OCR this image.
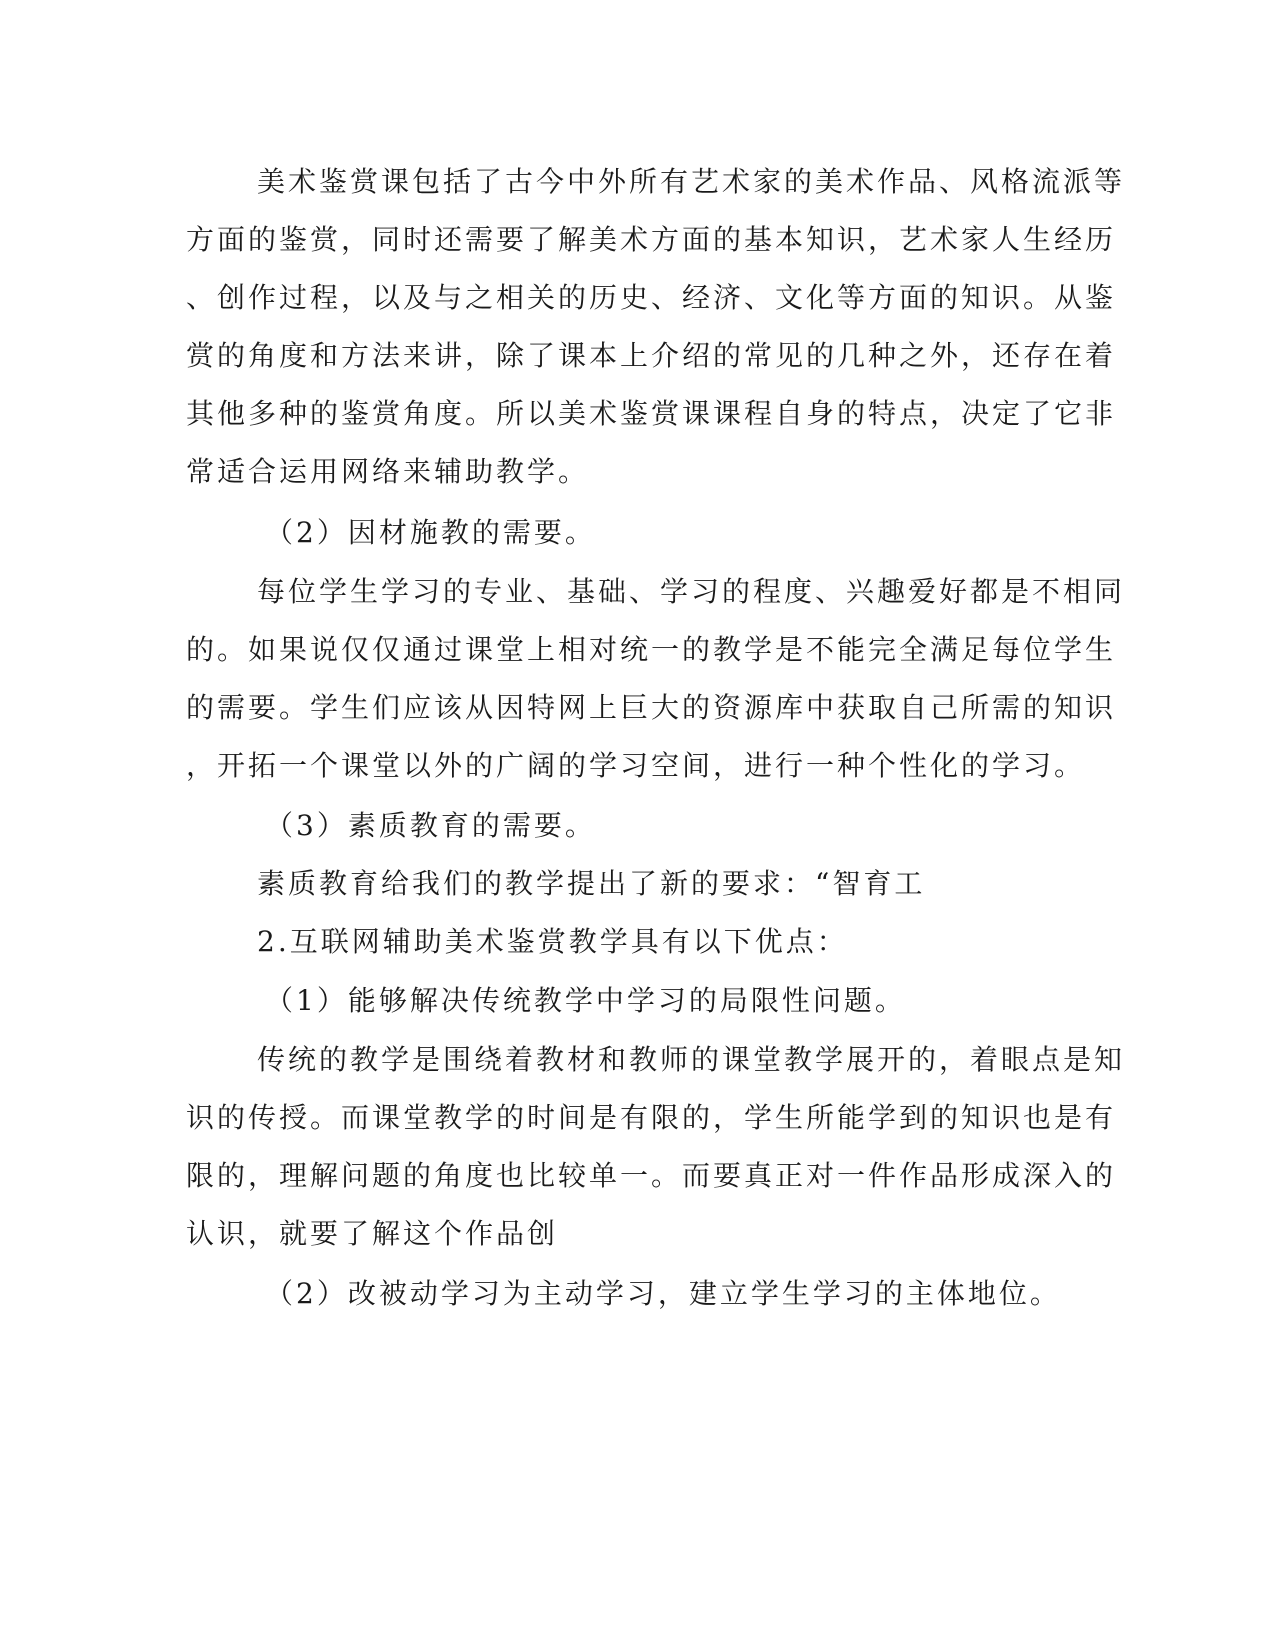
美术鉴赏课包括了古今中外所有艺术家的美术作品、风格流派等

方面的鉴赏，同时还需要了解美术方面的基本知识，艺术家人生经历

、创作过程，以及与之相关的历史、经济、文化等方面的知识。从鉴

赏的角度和方法来讲，除了课本上介绍的常见的几种之外，还存在着

其他多种的鉴赏角度。所以美术鉴赏课课程自身的特点，决定了它非

常适合运用网络来辅助教学。

（2）因材施教的需要。

每位学生学习的专业、基础、学习的程度、兴趣爱好都是不相同

的。如果说仅仅通过课堂上相对统一的教学是不能完全满足每位学生

的需要。学生们应该从因特网上巨大的资源库中获取自己所需的知识

，开拓一个课堂以外的广阔的学习空间，进行一种个性化的学习。

（3）素质教育的需要。

素质教育给我们的教学提出了新的要求：“智育工

2.互联网辅助美术鉴赏教学具有以下优点：

（1）能够解决传统教学中学习的局限性问题。

传统的教学是围绕着教材和教师的课堂教学展开的，着眼点是知

识的传授。而课堂教学的时间是有限的，学生所能学到的知识也是有

限的，理解问题的角度也比较单一。而要真正对一件作品形成深入的

认识，就要了解这个作品创

（2）改被动学习为主动学习，建立学生学习的主体地位。
